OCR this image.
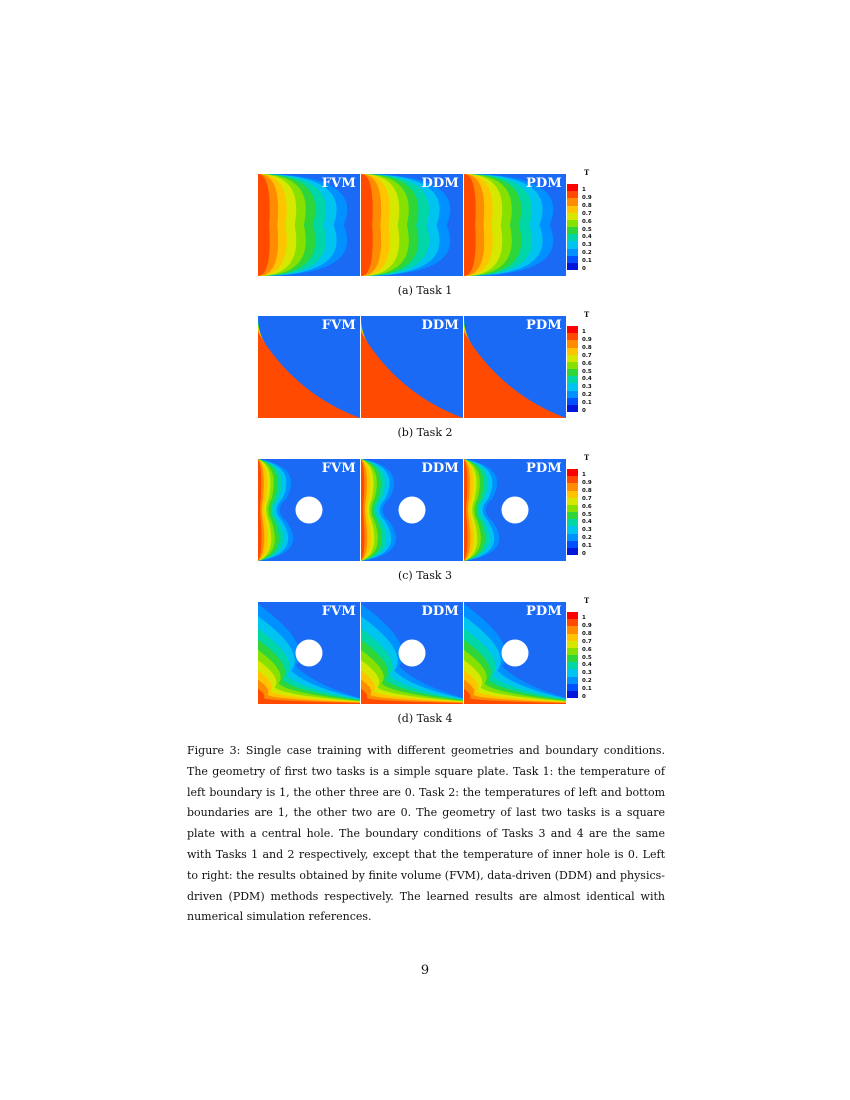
FVM	DDM	PDM
T
1
0.9
0.8
0.7
0.6
0.5
0.4
0.3
0.2
0.1
0
(a) Task 1
FVM	DDM	PDM
T
1
0.9
0.8
0.7
0.6
0.5
0.4
0.3
0.2
0.1
0
(b) Task 2
FVM	DDM	PDM
T
1
0.9
0.8
0.7
0.6
0.5
0.4
0.3
0.2
0.1
0
(c) Task 3
FVM	DDM	PDM
T
1
0.9
0.8
0.7
0.6
0.5
0.4
0.3
0.2
0.1
0
(d) Task 4
Figure 3: Single case training with different geometries and boundary conditions. The geometry of first two tasks is a simple square plate. Task 1: the temperature of left boundary is 1, the other three are 0. Task 2: the temperatures of left and bottom boundaries are 1, the other two are 0. The geometry of last two tasks is a square plate with a central hole. The boundary conditions of Tasks 3 and 4 are the same with Tasks 1 and 2 respectively, except that the temperature of inner hole is 0. Left to right: the results obtained by finite volume (FVM), data-driven (DDM) and physics-driven (PDM) methods respectively. The learned results are almost identical with numerical simulation references.
9
